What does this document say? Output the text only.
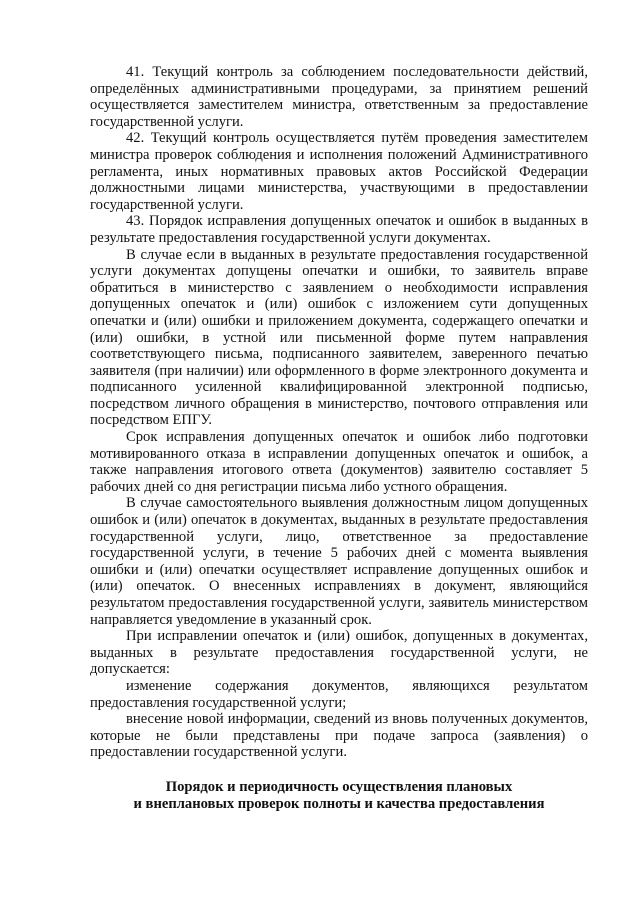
41. Текущий контроль за соблюдением последовательности действий, определённых административными процедурами, за принятием решений осуществляется заместителем министра, ответственным за предоставление государственной услуги.

42. Текущий контроль осуществляется путём проведения заместителем министра проверок соблюдения и исполнения положений Административного регламента, иных нормативных правовых актов Российской Федерации должностными лицами министерства, участвующими в предоставлении государственной услуги.

43. Порядок исправления допущенных опечаток и ошибок в выданных в результате предоставления государственной услуги документах.

В случае если в выданных в результате предоставления государственной услуги документах допущены опечатки и ошибки, то заявитель вправе обратиться в министерство с заявлением о необходимости исправления допущенных опечаток и (или) ошибок с изложением сути допущенных опечатки и (или) ошибки и приложением документа, содержащего опечатки и (или) ошибки, в устной или письменной форме путем направления соответствующего письма, подписанного заявителем, заверенного печатью заявителя (при наличии) или оформленного в форме электронного документа и подписанного усиленной квалифицированной электронной подписью, посредством личного обращения в министерство, почтового отправления или посредством ЕПГУ.

Срок исправления допущенных опечаток и ошибок либо подготовки мотивированного отказа в исправлении допущенных опечаток и ошибок, а также направления итогового ответа (документов) заявителю составляет 5 рабочих дней со дня регистрации письма либо устного обращения.

В случае самостоятельного выявления должностным лицом допущенных ошибок и (или) опечаток в документах, выданных в результате предоставления государственной услуги, лицо, ответственное за предоставление государственной услуги, в течение 5 рабочих дней с момента выявления ошибки и (или) опечатки осуществляет исправление допущенных ошибок и (или) опечаток. О внесенных исправлениях в документ, являющийся результатом предоставления государственной услуги, заявитель министерством направляется уведомление в указанный срок.

При исправлении опечаток и (или) ошибок, допущенных в документах, выданных в результате предоставления государственной услуги, не допускается:

изменение содержания документов, являющихся результатом предоставления государственной услуги;

внесение новой информации, сведений из вновь полученных документов, которые не были представлены при подаче запроса (заявления) о предоставлении государственной услуги.

Порядок и периодичность осуществления плановых
и внеплановых проверок полноты и качества предоставления
